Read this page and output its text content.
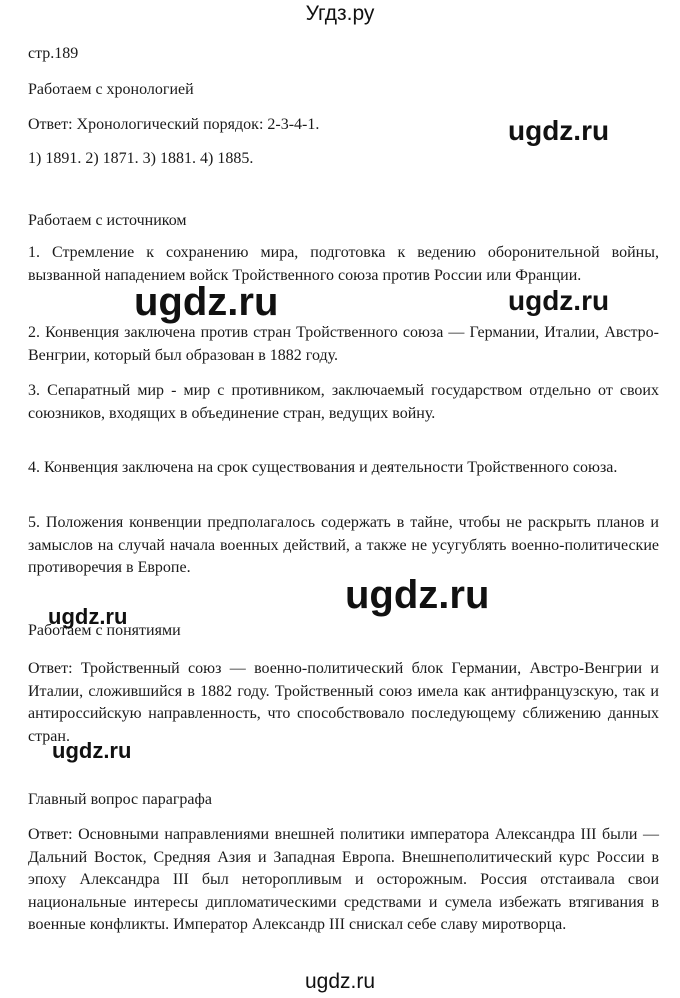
Угдз.ру
стр.189
Работаем с хронологией
Ответ: Хронологический порядок: 2-3-4-1.
1) 1891. 2) 1871. 3) 1881. 4) 1885.
Работаем с источником
1. Стремление к сохранению мира, подготовка к ведению оборонительной войны, вызванной нападением войск Тройственного союза против России или Франции.
2. Конвенция заключена против стран Тройственного союза — Германии, Италии, Австро-Венгрии, который был образован в 1882 году.
3. Сепаратный мир - мир с противником, заключаемый государством отдельно от своих союзников, входящих в объединение стран, ведущих войну.
4. Конвенция заключена на срок существования и деятельности Тройственного союза.
5. Положения конвенции предполагалось содержать в тайне, чтобы не раскрыть планов и замыслов на случай начала военных действий, а также не усугублять военно-политические противоречия в Европе.
Работаем с понятиями
Ответ: Тройственный союз — военно-политический блок Германии, Австро-Венгрии и Италии, сложившийся в 1882 году. Тройственный союз имела как антифранцузскую, так и антироссийскую направленность, что способствовало последующему сближению данных стран.
Главный вопрос параграфа
Ответ: Основными направлениями внешней политики императора Александра III были — Дальний Восток, Средняя Азия и Западная Европа. Внешнеполитический курс России в эпоху Александра III был неторопливым и осторожным. Россия отстаивала свои национальные интересы дипломатическими средствами и сумела избежать втягивания в военные конфликты. Император Александр III снискал себе славу миротворца.
ugdz.ru
ugdz.ru	ugdz.ru
ugdz.ru
ugdz.ru
ugdz.ru
ugdz.ru
